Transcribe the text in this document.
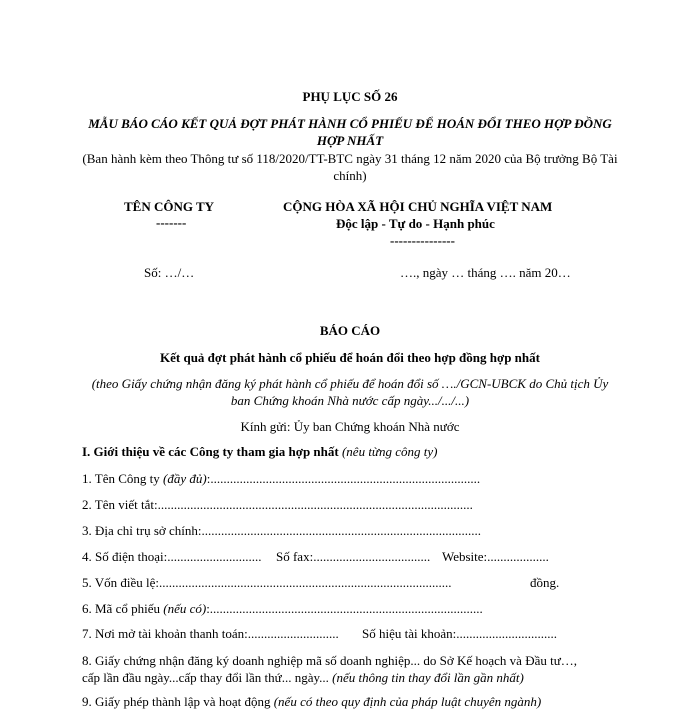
PHỤ LỤC SỐ 26
MẪU BÁO CÁO KẾT QUẢ ĐỢT PHÁT HÀNH CỔ PHIẾU ĐỂ HOÁN ĐỔI THEO HỢP ĐỒNG HỢP NHẤT
(Ban hành kèm theo Thông tư số 118/2020/TT-BTC ngày 31 tháng 12 năm 2020 của Bộ trưởng Bộ Tài chính)
TÊN CÔNG TY
-------
CỘNG HÒA XÃ HỘI CHỦ NGHĨA VIỆT NAM
Độc lập - Tự do - Hạnh phúc
---------------
Số: …/…	…., ngày … tháng …. năm 20…
BÁO CÁO
Kết quả đợt phát hành cổ phiếu để hoán đổi theo hợp đồng hợp nhất
(theo Giấy chứng nhận đăng ký phát hành cổ phiếu để hoán đổi số …./GCN-UBCK do Chủ tịch Ủy ban Chứng khoán Nhà nước cấp ngày.../.../...)
Kính gửi: Ủy ban Chứng khoán Nhà nước
I. Giới thiệu về các Công ty tham gia hợp nhất (nêu từng công ty)
1. Tên Công ty (đầy đủ):...................................................................................
2. Tên viết tắt:.................................................................................................
3. Địa chỉ trụ sở chính:......................................................................................
4. Số điện thoại:............................. Số fax:.................................... Website:...................
5. Vốn điều lệ:..........................................................................................	đồng.
6. Mã cổ phiếu (nếu có):....................................................................................
7. Nơi mở tài khoản thanh toán:............................ Số hiệu tài khoản:...............................
8. Giấy chứng nhận đăng ký doanh nghiệp mã số doanh nghiệp... do Sở Kế hoạch và Đầu tư…,
cấp lần đầu ngày...cấp thay đổi lần thứ... ngày... (nếu thông tin thay đổi lần gần nhất)
9. Giấy phép thành lập và hoạt động (nếu có theo quy định của pháp luật chuyên ngành)
